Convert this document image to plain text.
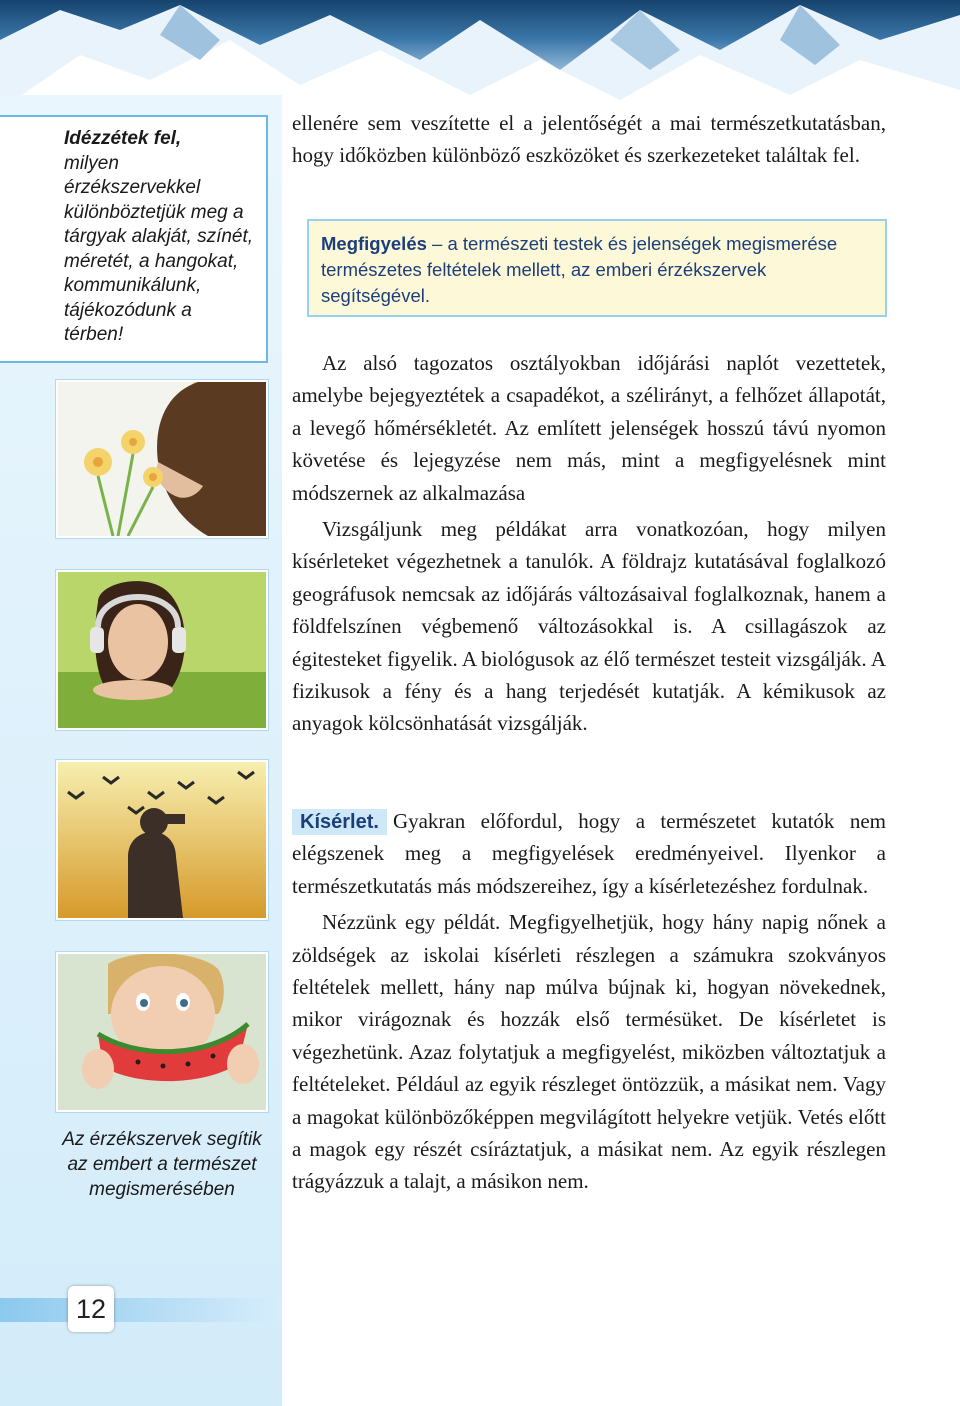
Idézzétek fel,
milyen érzékszervekkel különböztetjük meg a tárgyak alakját, színét, méretét, a hangokat, kommunikálunk, tájékozódunk a térben!
Az érzékszervek segítik az embert a természet megismerésében
12

ellenére sem veszítette el a jelentőségét a mai természetkutatásban, hogy időközben különböző eszközöket és szerkezeteket találtak fel.

Megfigyelés – a természeti testek és jelenségek megismerése természetes feltételek mellett, az emberi érzékszervek segítségével.

Az alsó tagozatos osztályokban időjárási naplót vezettetek, amelybe bejegyeztétek a csapadékot, a szélirányt, a felhőzet állapotát, a levegő hőmérsékletét. Az említett jelenségek hosszú távú nyomon követése és lejegyzése nem más, mint a megfigyelésnek mint módszernek az alkalmazása

Vizsgáljunk meg példákat arra vonatkozóan, hogy milyen kísérleteket végezhetnek a tanulók. A földrajz kutatásával foglalkozó geográfusok nemcsak az időjárás változásaival foglalkoznak, hanem a földfelszínen végbemenő változásokkal is. A csillagászok az égitesteket figyelik. A biológusok az élő természet testeit vizsgálják. A fizikusok a fény és a hang terjedését kutatják. A kémikusok az anyagok kölcsönhatását vizsgálják.

Kísérlet. Gyakran előfordul, hogy a természetet kutatók nem elégszenek meg a megfigyelések eredményeivel. Ilyenkor a természetkutatás más módszereihez, így a kísérletezéshez fordulnak.

Nézzünk egy példát. Megfigyelhetjük, hogy hány napig nőnek a zöldségek az iskolai kísérleti részlegen a számukra szokványos feltételek mellett, hány nap múlva bújnak ki, hogyan növekednek, mikor virágoznak és hozzák első termésüket. De kísérletet is végezhetünk. Azaz folytatjuk a megfigyelést, miközben változtatjuk a feltételeket. Például az egyik részleget öntözzük, a másikat nem. Vagy a magokat különbözőképpen megvilágított helyekre vetjük. Vetés előtt a magok egy részét csíráztatjuk, a másikat nem. Az egyik részlegen trágyázzuk a talajt, a másikon nem.
